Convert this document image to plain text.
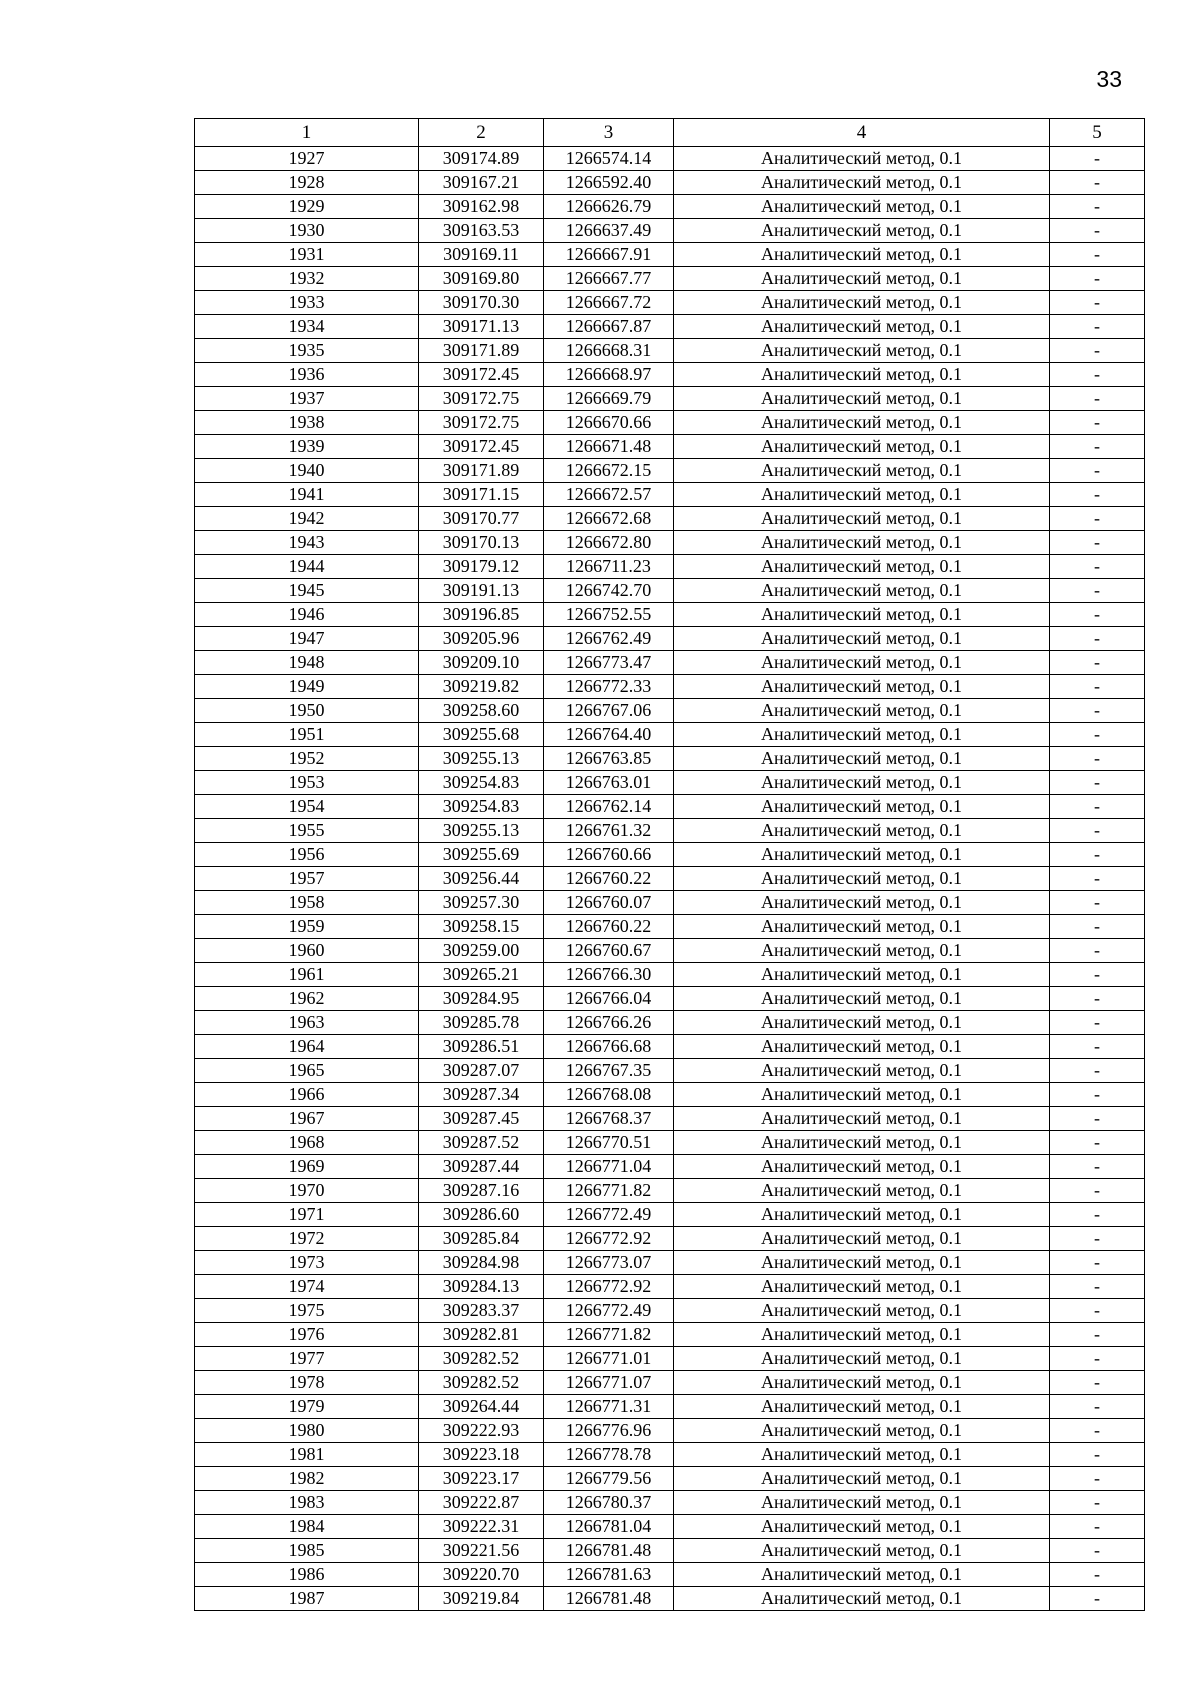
33
1	2	3	4	5
1927	309174.89	1266574.14	Аналитический метод, 0.1	-
1928	309167.21	1266592.40	Аналитический метод, 0.1	-
1929	309162.98	1266626.79	Аналитический метод, 0.1	-
1930	309163.53	1266637.49	Аналитический метод, 0.1	-
1931	309169.11	1266667.91	Аналитический метод, 0.1	-
1932	309169.80	1266667.77	Аналитический метод, 0.1	-
1933	309170.30	1266667.72	Аналитический метод, 0.1	-
1934	309171.13	1266667.87	Аналитический метод, 0.1	-
1935	309171.89	1266668.31	Аналитический метод, 0.1	-
1936	309172.45	1266668.97	Аналитический метод, 0.1	-
1937	309172.75	1266669.79	Аналитический метод, 0.1	-
1938	309172.75	1266670.66	Аналитический метод, 0.1	-
1939	309172.45	1266671.48	Аналитический метод, 0.1	-
1940	309171.89	1266672.15	Аналитический метод, 0.1	-
1941	309171.15	1266672.57	Аналитический метод, 0.1	-
1942	309170.77	1266672.68	Аналитический метод, 0.1	-
1943	309170.13	1266672.80	Аналитический метод, 0.1	-
1944	309179.12	1266711.23	Аналитический метод, 0.1	-
1945	309191.13	1266742.70	Аналитический метод, 0.1	-
1946	309196.85	1266752.55	Аналитический метод, 0.1	-
1947	309205.96	1266762.49	Аналитический метод, 0.1	-
1948	309209.10	1266773.47	Аналитический метод, 0.1	-
1949	309219.82	1266772.33	Аналитический метод, 0.1	-
1950	309258.60	1266767.06	Аналитический метод, 0.1	-
1951	309255.68	1266764.40	Аналитический метод, 0.1	-
1952	309255.13	1266763.85	Аналитический метод, 0.1	-
1953	309254.83	1266763.01	Аналитический метод, 0.1	-
1954	309254.83	1266762.14	Аналитический метод, 0.1	-
1955	309255.13	1266761.32	Аналитический метод, 0.1	-
1956	309255.69	1266760.66	Аналитический метод, 0.1	-
1957	309256.44	1266760.22	Аналитический метод, 0.1	-
1958	309257.30	1266760.07	Аналитический метод, 0.1	-
1959	309258.15	1266760.22	Аналитический метод, 0.1	-
1960	309259.00	1266760.67	Аналитический метод, 0.1	-
1961	309265.21	1266766.30	Аналитический метод, 0.1	-
1962	309284.95	1266766.04	Аналитический метод, 0.1	-
1963	309285.78	1266766.26	Аналитический метод, 0.1	-
1964	309286.51	1266766.68	Аналитический метод, 0.1	-
1965	309287.07	1266767.35	Аналитический метод, 0.1	-
1966	309287.34	1266768.08	Аналитический метод, 0.1	-
1967	309287.45	1266768.37	Аналитический метод, 0.1	-
1968	309287.52	1266770.51	Аналитический метод, 0.1	-
1969	309287.44	1266771.04	Аналитический метод, 0.1	-
1970	309287.16	1266771.82	Аналитический метод, 0.1	-
1971	309286.60	1266772.49	Аналитический метод, 0.1	-
1972	309285.84	1266772.92	Аналитический метод, 0.1	-
1973	309284.98	1266773.07	Аналитический метод, 0.1	-
1974	309284.13	1266772.92	Аналитический метод, 0.1	-
1975	309283.37	1266772.49	Аналитический метод, 0.1	-
1976	309282.81	1266771.82	Аналитический метод, 0.1	-
1977	309282.52	1266771.01	Аналитический метод, 0.1	-
1978	309282.52	1266771.07	Аналитический метод, 0.1	-
1979	309264.44	1266771.31	Аналитический метод, 0.1	-
1980	309222.93	1266776.96	Аналитический метод, 0.1	-
1981	309223.18	1266778.78	Аналитический метод, 0.1	-
1982	309223.17	1266779.56	Аналитический метод, 0.1	-
1983	309222.87	1266780.37	Аналитический метод, 0.1	-
1984	309222.31	1266781.04	Аналитический метод, 0.1	-
1985	309221.56	1266781.48	Аналитический метод, 0.1	-
1986	309220.70	1266781.63	Аналитический метод, 0.1	-
1987	309219.84	1266781.48	Аналитический метод, 0.1	-
